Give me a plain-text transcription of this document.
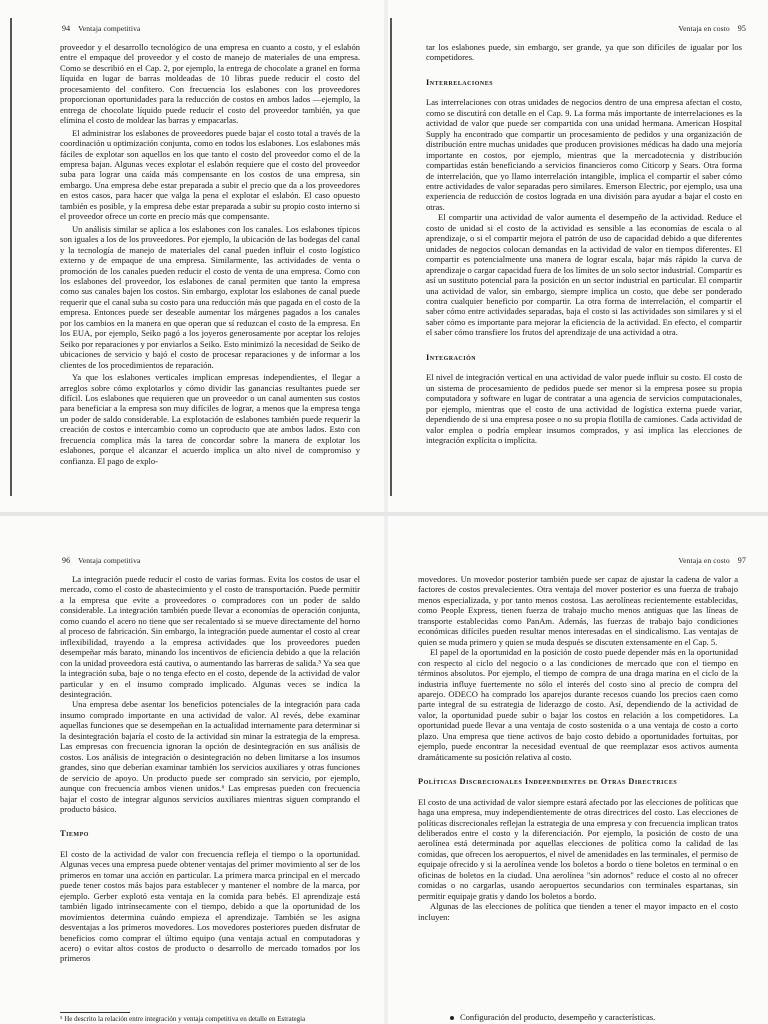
94 Ventaja competitiva

proveedor y el desarrollo tecnológico de una empresa en cuanto a costo, y el eslabón entre el empaque del proveedor y el costo de manejo de materiales de una empresa. Como se describió en el Cap. 2, por ejemplo, la entrega de chocolate a granel en forma líquida en lugar de barras moldeadas de 10 libras puede reducir el costo del procesamiento del confitero. Con frecuencia los eslabones con los proveedores proporcionan oportunidades para la reducción de costos en ambos lados —ejemplo, la entrega de chocolate líquido puede reducir el costo del proveedor también, ya que elimina el costo de moldear las barras y empacarlas.

El administrar los eslabones de proveedores puede bajar el costo total a través de la coordinación u optimización conjunta, como en todos los eslabones. Los eslabones más fáciles de explotar son aquellos en los que tanto el costo del proveedor como el de la empresa bajan. Algunas veces explotar el eslabón requiere que el costo del proveedor suba para lograr una caída más compensante en los costos de una empresa, sin embargo. Una empresa debe estar preparada a subir el precio que da a los proveedores en estos casos, para hacer que valga la pena el explotar el eslabón. El caso opuesto también es posible, y la empresa debe estar preparada a subir su propio costo interno si el proveedor ofrece un corte en precio más que compensante.

Un análisis similar se aplica a los eslabones con los canales. Los eslabones típicos son iguales a los de los proveedores. Por ejemplo, la ubicación de las bodegas del canal y la tecnología de manejo de materiales del canal pueden influir el costo logístico externo y de empaque de una empresa. Similarmente, las actividades de venta o promoción de los canales pueden reducir el costo de venta de una empresa. Como con los eslabones del proveedor, los eslabones de canal permiten que tanto la empresa como sus canales bajen los costos. Sin embargo, explotar los eslabones de canal puede requerir que el canal suba su costo para una reducción más que pagada en el costo de la empresa. Entonces puede ser deseable aumentar los márgenes pagados a los canales por los cambios en la manera en que operan que sí reduzcan el costo de la empresa. En los EUA, por ejemplo, Seiko pagó a los joyeros generosamente por aceptar los relojes Seiko por reparaciones y por enviarlos a Seiko. Esto minimizó la necesidad de Seiko de ubicaciones de servicio y bajó el costo de procesar reparaciones y de informar a los clientes de los procedimientos de reparación.

Ya que los eslabones verticales implican empresas independientes, el llegar a arreglos sobre cómo explotarlos y cómo dividir las ganancias resultantes puede ser difícil. Los eslabones que requieren que un proveedor o un canal aumenten sus costos para beneficiar a la empresa son muy difíciles de lograr, a menos que la empresa tenga un poder de saldo considerable. La explotación de eslabones también puede requerir la creación de costos e intercambio como un coproducto que ate ambos lados. Esto con frecuencia complica más la tarea de concordar sobre la manera de explotar los eslabones, porque el alcanzar el acuerdo implica un alto nivel de compromiso y confianza. El pago de explo-

Ventaja en costo 95

tar los eslabones puede, sin embargo, ser grande, ya que son difíciles de igualar por los competidores.

Interrelaciones

Las interrelaciones con otras unidades de negocios dentro de una empresa afectan el costo, como se discutirá con detalle en el Cap. 9. La forma más importante de interrelaciones es la actividad de valor que puede ser compartida con una unidad hermana. American Hospital Supply ha encontrado que compartir un procesamiento de pedidos y una organización de distribución entre muchas unidades que producen provisiones médicas ha dado una mejoría importante en costos, por ejemplo, mientras que la mercadotecnia y distribución compartidas están beneficiando a servicios financieros como Citicorp y Sears. Otra forma de interrelación, que yo llamo interrelación intangible, implica el compartir el saber cómo entre actividades de valor separadas pero similares. Emerson Electric, por ejemplo, usa una experiencia de reducción de costos lograda en una división para ayudar a bajar el costo en otras.

El compartir una actividad de valor aumenta el desempeño de la actividad. Reduce el costo de unidad si el costo de la actividad es sensible a las economías de escala o al aprendizaje, o si el compartir mejora el patrón de uso de capacidad debido a que diferentes unidades de negocios colocan demandas en la actividad de valor en tiempos diferentes. El compartir es potencialmente una manera de lograr escala, bajar más rápido la curva de aprendizaje o cargar capacidad fuera de los límites de un solo sector industrial. Compartir es así un sustituto potencial para la posición en un sector industrial en particular. El compartir una actividad de valor, sin embargo, siempre implica un costo, que debe ser ponderado contra cualquier beneficio por compartir. La otra forma de interrelación, el compartir el saber cómo entre actividades separadas, baja el costo si las actividades son similares y si el saber cómo es importante para mejorar la eficiencia de la actividad. En efecto, el compartir el saber cómo transfiere los frutos del aprendizaje de una actividad a otra.

Integración

El nivel de integración vertical en una actividad de valor puede influir su costo. El costo de un sistema de procesamiento de pedidos puede ser menor si la empresa posee su propia computadora y software en lugar de contratar a una agencia de servicios computacionales, por ejemplo, mientras que el costo de una actividad de logística externa puede variar, dependiendo de si una empresa posee o no su propia flotilla de camiones. Cada actividad de valor emplea o podría emplear insumos comprados, y así implica las elecciones de integración explícita o implícita.

96 Ventaja competitiva

La integración puede reducir el costo de varias formas. Evita los costos de usar el mercado, como el costo de abastecimiento y el costo de transportación. Puede permitir a la empresa que evite a proveedores o compradores con un poder de saldo considerable. La integración también puede llevar a economías de operación conjunta, como cuando el acero no tiene que ser recalentado si se mueve directamente del horno al proceso de fabricación. Sin embargo, la integración puede aumentar el costo al crear inflexibilidad, trayendo a la empresa actividades que los proveedores pueden desempeñar más barato, minando los incentivos de eficiencia debido a que la relación con la unidad proveedora está cautiva, o aumentando las barreras de salida.⁵ Ya sea que la integración suba, baje o no tenga efecto en el costo, depende de la actividad de valor particular y en el insumo comprado implicado. Algunas veces se indica la desintegración.

Una empresa debe asentar los beneficios potenciales de la integración para cada insumo comprado importante en una actividad de valor. Al revés, debe examinar aquellas funciones que se desempeñan en la actualidad internamente para determinar si la desintegración bajaría el costo de la actividad sin minar la estrategia de la empresa. Las empresas con frecuencia ignoran la opción de desintegración en sus análisis de costos. Los análisis de integración o desintegración no deben limitarse a los insumos grandes, sino que deberían examinar también los servicios auxiliares y otras funciones de servicio de apoyo. Un producto puede ser comprado sin servicio, por ejemplo, aunque con frecuencia ambos vienen unidos.⁶ Las empresas pueden con frecuencia bajar el costo de integrar algunos servicios auxiliares mientras siguen comprando el producto básico.

Tiempo

El costo de la actividad de valor con frecuencia refleja el tiempo o la oportunidad. Algunas veces una empresa puede obtener ventajas del primer movimiento al ser de los primeros en tomar una acción en particular. La primera marca principal en el mercado puede tener costos más bajos para establecer y mantener el nombre de la marca, por ejemplo. Gerber explotó esta ventaja en la comida para bebés. El aprendizaje está también ligado intrínsecamente con el tiempo, debido a que la oportunidad de los movimientos determina cuándo empieza el aprendizaje. También se les asigna desventajas a los primeros movedores. Los movedores posteriores pueden disfrutar de beneficios como comprar el último equipo (una ventaja actual en computadoras y acero) o evitar altos costos de producto o desarrollo de mercado tomados por los primeros

⁵ He descrito la relación entre integración y ventaja competitiva en detalle en Estrategia
Ventaja en costo 97

movedores. Un movedor posterior también puede ser capaz de ajustar la cadena de valor a factores de costos prevalecientes. Otra ventaja del mover posterior es una fuerza de trabajo menos especializada, y por tanto menos costosa. Las aerolíneas recientemente establecidas, como People Express, tienen fuerza de trabajo mucho menos antiguas que las líneas de transporte establecidas como PanAm. Además, las fuerzas de trabajo bajo condiciones económicas difíciles pueden resultar menos interesadas en el sindicalismo. Las ventajas de quien se muda primero y quien se muda después se discuten extensamente en el Cap. 5.

El papel de la oportunidad en la posición de costo puede depender más en la oportunidad con respecto al ciclo del negocio o a las condiciones de mercado que con el tiempo en términos absolutos. Por ejemplo, el tiempo de compra de una draga marina en el ciclo de la industria influye fuertemente no sólo el interés del costo sino al precio de compra del aparejo. ODECO ha comprado los aparejos durante recesos cuando los precios caen como parte integral de su estrategia de liderazgo de costo. Así, dependiendo de la actividad de valor, la oportunidad puede subir o bajar los costos en relación a los competidores. La oportunidad puede llevar a una ventaja de costo sostenida o a una ventaja de costo a corto plazo. Una empresa que tiene activos de bajo costo debido a oportunidades fortuitas, por ejemplo, puede encontrar la necesidad eventual de que reemplazar esos activos aumenta dramáticamente su posición relativa al costo.

Políticas Discrecionales Independientes de Otras Directrices

El costo de una actividad de valor siempre estará afectado por las elecciones de políticas que haga una empresa, muy independientemente de otras directrices del costo. Las elecciones de políticas discrecionales reflejan la estrategia de una empresa y con frecuencia implican tratos deliberados entre el costo y la diferenciación. Por ejemplo, la posición de costo de una aerolínea está determinada por aquellas elecciones de política como la calidad de las comidas, que ofrecen los aeropuertos, el nivel de amenidades en las terminales, el permiso de equipaje ofrecido y si la aerolínea vende los boletos a bordo o tiene boletos en terminal o en oficinas de boletos en la ciudad. Una aerolínea "sin adornos" reduce el costo al no ofrecer comidas o no cargarlas, usando aeropuertos secundarios con terminales espartanas, sin permitir equipaje gratis y dando los boletos a bordo.

Algunas de las elecciones de política que tienden a tener el mayor impacto en el costo incluyen:

Configuración del producto, desempeño y características.
